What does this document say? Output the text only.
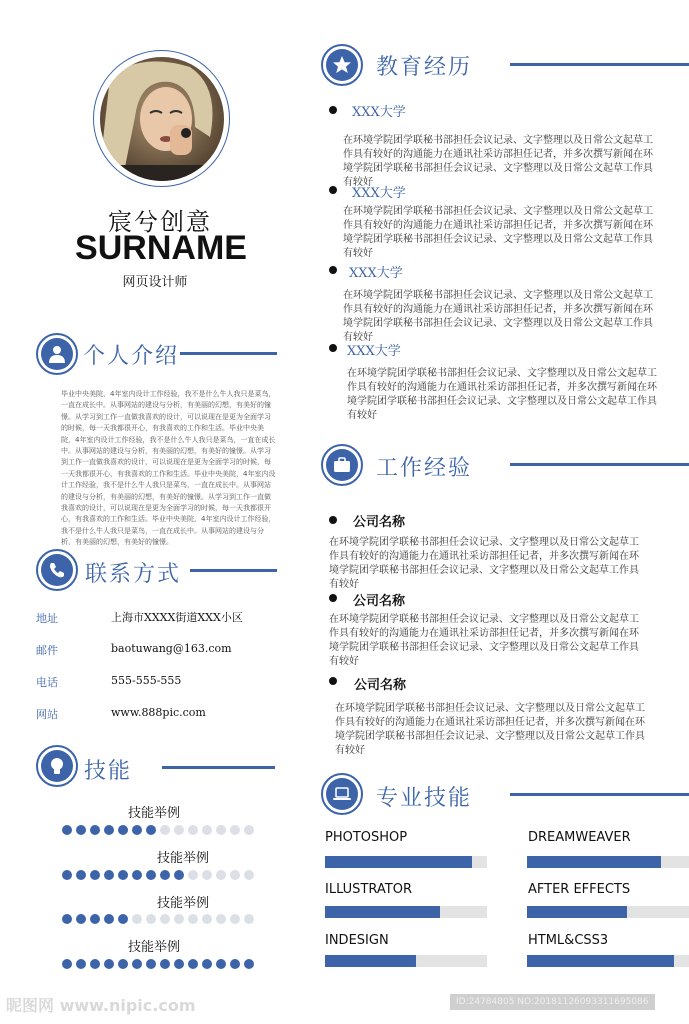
宸兮创意
SURNAME
网页设计师
个人介绍
毕业中央美院，4年室内设计工作经验，我不是什么牛人我只是菜鸟，一直在成长中。从事网站的建设与分析，有美丽的幻想，有美好的憧憬。从学习到工作一直做我喜欢的设计，可以说现在是更为全面学习的时候，每一天我都很开心，有我喜欢的工作和生活。毕业中央美院，4年室内设计工作经验，我不是什么牛人我只是菜鸟，一直在成长中。从事网站的建设与分析，有美丽的幻想，有美好的憧憬。从学习到工作一直做我喜欢的设计，可以说现在是更为全面学习的时候，每一天我都很开心，有我喜欢的工作和生活。毕业中央美院，4年室内设计工作经验，我不是什么牛人我只是菜鸟，一直在成长中。从事网站的建设与分析，有美丽的幻想，有美好的憧憬。从学习到工作一直做我喜欢的设计，可以说现在是更为全面学习的时候，每一天我都很开心，有我喜欢的工作和生活。毕业中央美院，4年室内设计工作经验，我不是什么牛人我只是菜鸟，一直在成长中。从事网站的建设与分析，有美丽的幻想，有美好的憧憬。
联系方式
地址	上海市XXXX街道XXX小区
邮件	baotuwang@163.com
电话	555-555-555
网站	www.888pic.com
技能
技能举例
技能举例
技能举例
技能举例
教育经历
XXX大学
在环境学院团学联秘书部担任会议记录、文字整理以及日常公文起草工作具有较好的沟通能力在通讯社采访部担任记者，并多次撰写新闻在环境学院团学联秘书部担任会议记录、文字整理以及日常公文起草工作具有较好
XXX大学
在环境学院团学联秘书部担任会议记录、文字整理以及日常公文起草工作具有较好的沟通能力在通讯社采访部担任记者，并多次撰写新闻在环境学院团学联秘书部担任会议记录、文字整理以及日常公文起草工作具有较好
XXX大学
在环境学院团学联秘书部担任会议记录、文字整理以及日常公文起草工作具有较好的沟通能力在通讯社采访部担任记者，并多次撰写新闻在环境学院团学联秘书部担任会议记录、文字整理以及日常公文起草工作具有较好
XXX大学
在环境学院团学联秘书部担任会议记录、文字整理以及日常公文起草工作具有较好的沟通能力在通讯社采访部担任记者，并多次撰写新闻在环境学院团学联秘书部担任会议记录、文字整理以及日常公文起草工作具有较好
工作经验
公司名称
在环境学院团学联秘书部担任会议记录、文字整理以及日常公文起草工作具有较好的沟通能力在通讯社采访部担任记者，并多次撰写新闻在环境学院团学联秘书部担任会议记录、文字整理以及日常公文起草工作具有较好
公司名称
在环境学院团学联秘书部担任会议记录、文字整理以及日常公文起草工作具有较好的沟通能力在通讯社采访部担任记者，并多次撰写新闻在环境学院团学联秘书部担任会议记录、文字整理以及日常公文起草工作具有较好
公司名称
在环境学院团学联秘书部担任会议记录、文字整理以及日常公文起草工作具有较好的沟通能力在通讯社采访部担任记者，并多次撰写新闻在环境学院团学联秘书部担任会议记录、文字整理以及日常公文起草工作具有较好
专业技能
PHOTOSHOP	DREAMWEAVER
ILLUSTRATOR	AFTER EFFECTS
INDESIGN	HTML&CSS3
昵图网 www.nipic.com	ID:24784805 NO:20181126093311695086
